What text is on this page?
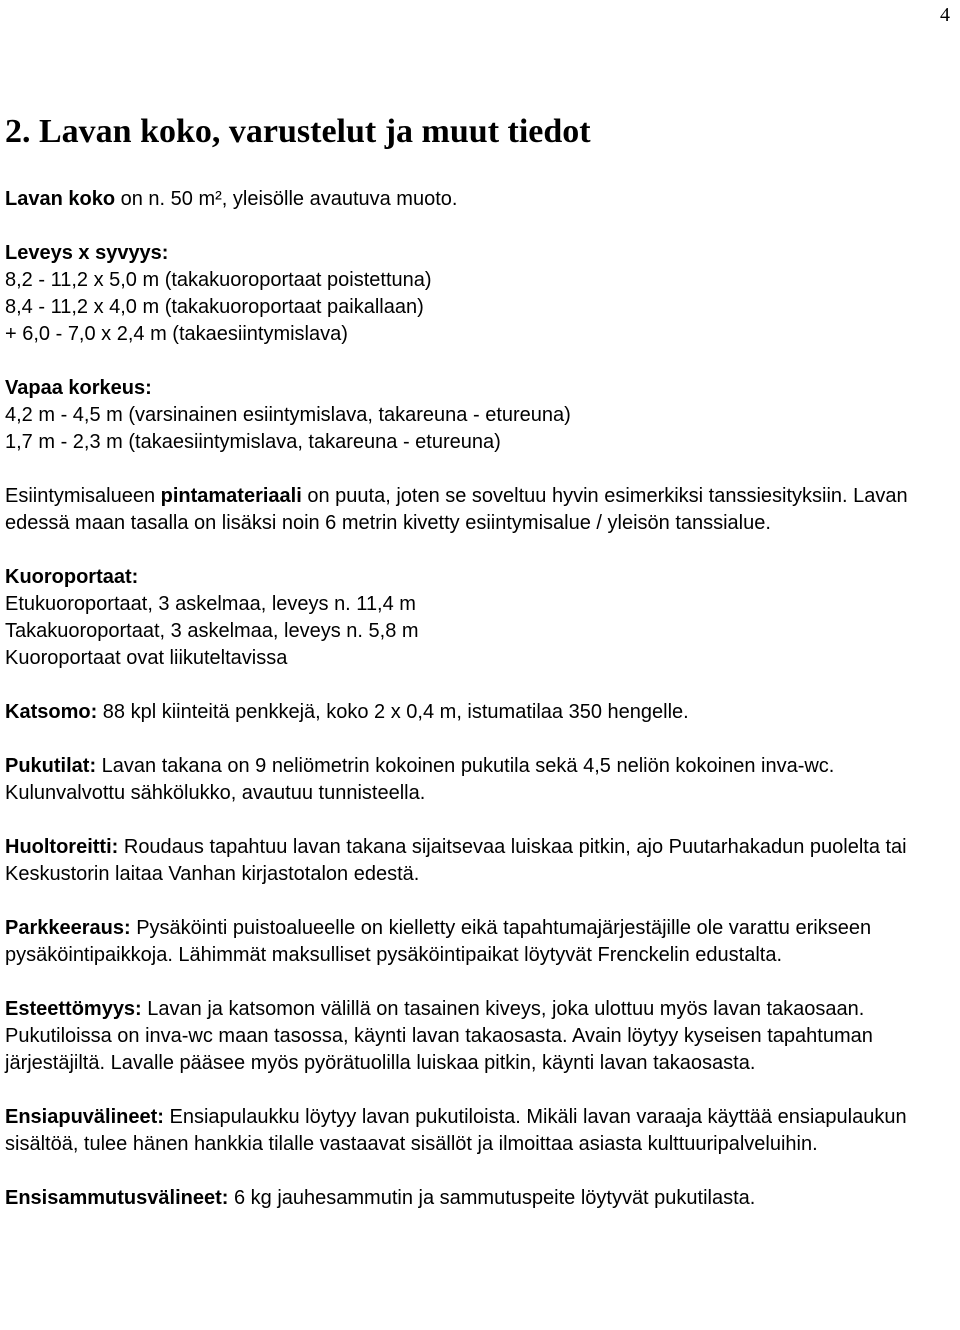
4
2. Lavan koko, varustelut ja muut tiedot

Lavan koko on n. 50 m², yleisölle avautuva muoto.

Leveys x syvyys:
8,2 - 11,2 x 5,0 m (takakuoroportaat poistettuna)
8,4 - 11,2 x 4,0 m (takakuoroportaat paikallaan)
+ 6,0 - 7,0 x 2,4 m (takaesiintymislava)

Vapaa korkeus:
4,2 m - 4,5 m (varsinainen esiintymislava, takareuna - etureuna)
1,7 m - 2,3 m (takaesiintymislava, takareuna - etureuna)

Esiintymisalueen pintamateriaali on puuta, joten se soveltuu hyvin esimerkiksi tanssiesityksiin. Lavan edessä maan tasalla on lisäksi noin 6 metrin kivetty esiintymisalue / yleisön tanssialue.

Kuoroportaat:
Etukuoroportaat, 3 askelmaa, leveys n. 11,4 m
Takakuoroportaat, 3 askelmaa, leveys n. 5,8 m
Kuoroportaat ovat liikuteltavissa

Katsomo: 88 kpl kiinteitä penkkejä, koko 2 x 0,4 m, istumatilaa 350 hengelle.

Pukutilat: Lavan takana on 9 neliömetrin kokoinen pukutila sekä 4,5 neliön kokoinen inva-wc. Kulunvalvottu sähkölukko, avautuu tunnisteella.

Huoltoreitti: Roudaus tapahtuu lavan takana sijaitsevaa luiskaa pitkin, ajo Puutarhakadun puolelta tai Keskustorin laitaa Vanhan kirjastotalon edestä.

Parkkeeraus: Pysäköinti puistoalueelle on kielletty eikä tapahtumajärjestäjille ole varattu erikseen pysäköintipaikkoja. Lähimmät maksulliset pysäköintipaikat löytyvät Frenckelin edustalta.

Esteettömyys: Lavan ja katsomon välillä on tasainen kiveys, joka ulottuu myös lavan takaosaan. Pukutiloissa on inva-wc maan tasossa, käynti lavan takaosasta. Avain löytyy kyseisen tapahtuman järjestäjiltä. Lavalle pääsee myös pyörätuolilla luiskaa pitkin, käynti lavan takaosasta.

Ensiapuvälineet: Ensiapulaukku löytyy lavan pukutiloista. Mikäli lavan varaaja käyttää ensiapulaukun sisältöä, tulee hänen hankkia tilalle vastaavat sisällöt ja ilmoittaa asiasta kulttuuripalveluihin.

Ensisammutusvälineet: 6 kg jauhesammutin ja sammutuspeite löytyvät pukutilasta.
